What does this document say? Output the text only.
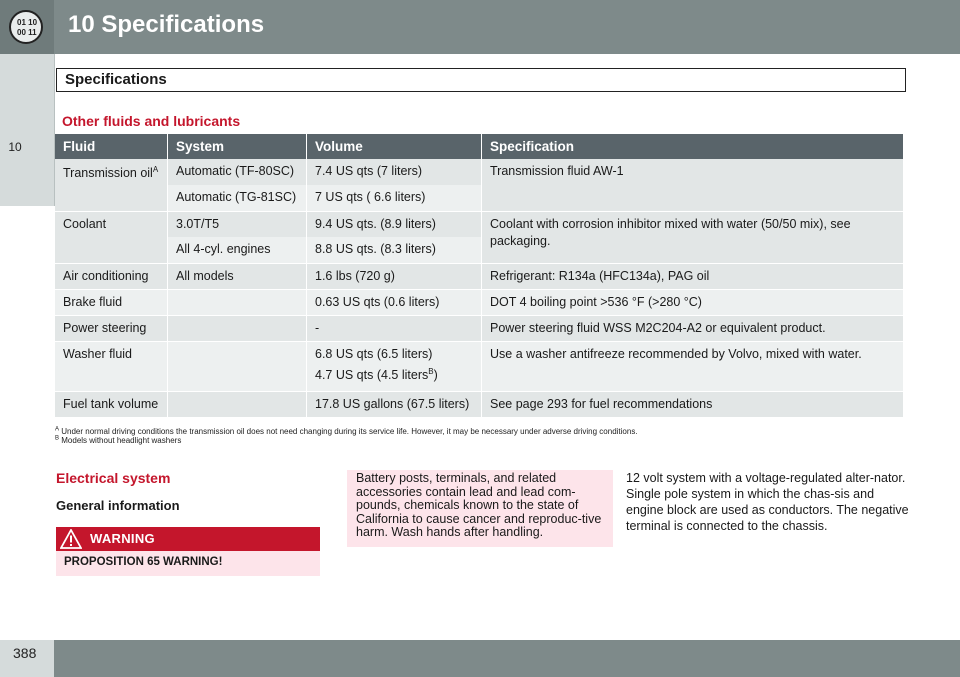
01 10
00 11 10 Specifications
10
Specifications
Other fluids and lubricants
Fluid	System	Volume	Specification

Transmission oil$^A$	Automatic (TF-80SC)	7.4 US qts (7 liters)	Transmission fluid AW-1

	Automatic (TG-81SC)	7 US qts ( 6.6 liters)	

Coolant	3.0T/T5	9.4 US qts. (8.9 liters)	Coolant with corrosion inhibitor mixed with water (50/50 mix), see packaging.

	All 4-cyl. engines	8.8 US qts. (8.3 liters)	

Air conditioning	All models	1.6 lbs (720 g)	Refrigerant: R134a (HFC134a), PAG oil

Brake fluid		0.63 US qts (0.6 liters)	DOT 4 boiling point >536 °F (>280 °C)

Power steering		-	Power steering fluid WSS M2C204-A2 or equivalent product.

Washer fluid		6.8 US qts (6.5 liters)
4.7 US qts (4.5 liters$^B$)	Use a washer antifreeze recommended by Volvo, mixed with water.

Fuel tank volume		17.8 US gallons (67.5 liters)	See page 293 for fuel recommendations
$^A$ Under normal driving conditions the transmission oil does not need changing during its service life. However, it may be necessary under adverse driving conditions.
$^B$ Models without headlight washers
Electrical system
General information
WARNING
PROPOSITION 65 WARNING!
Battery posts, terminals, and related accessories contain lead and lead com-pounds, chemicals known to the state of California to cause cancer and reproduc-tive harm. Wash hands after handling.
12 volt system with a voltage-regulated alter-nator. Single pole system in which the chas-sis and engine block are used as conductors. The negative terminal is connected to the chassis.
388
